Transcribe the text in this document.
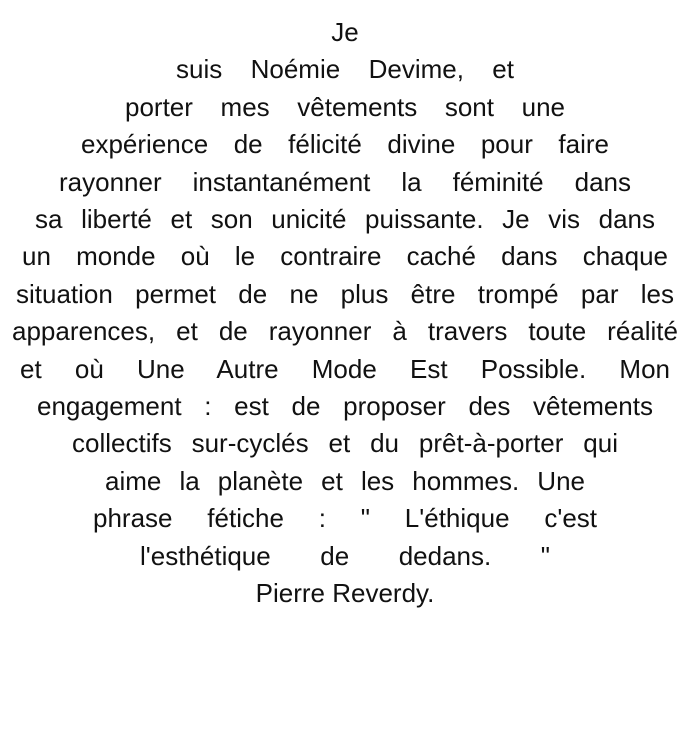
Je
suis Noémie Devime, et
porter mes vêtements sont une
expérience de félicité divine pour faire
rayonner instantanément la féminité dans
sa liberté et son unicité puissante. Je vis dans
un monde où le contraire caché dans chaque
situation permet de ne plus être trompé par les
apparences, et de rayonner à travers toute réalité
et où Une Autre Mode Est Possible. Mon
engagement : est de proposer des vêtements
collectifs sur-cyclés et du prêt-à-porter qui
aime la planète et les hommes. Une
phrase fétiche : " L'éthique c'est
l'esthétique de dedans. "
Pierre Reverdy.
